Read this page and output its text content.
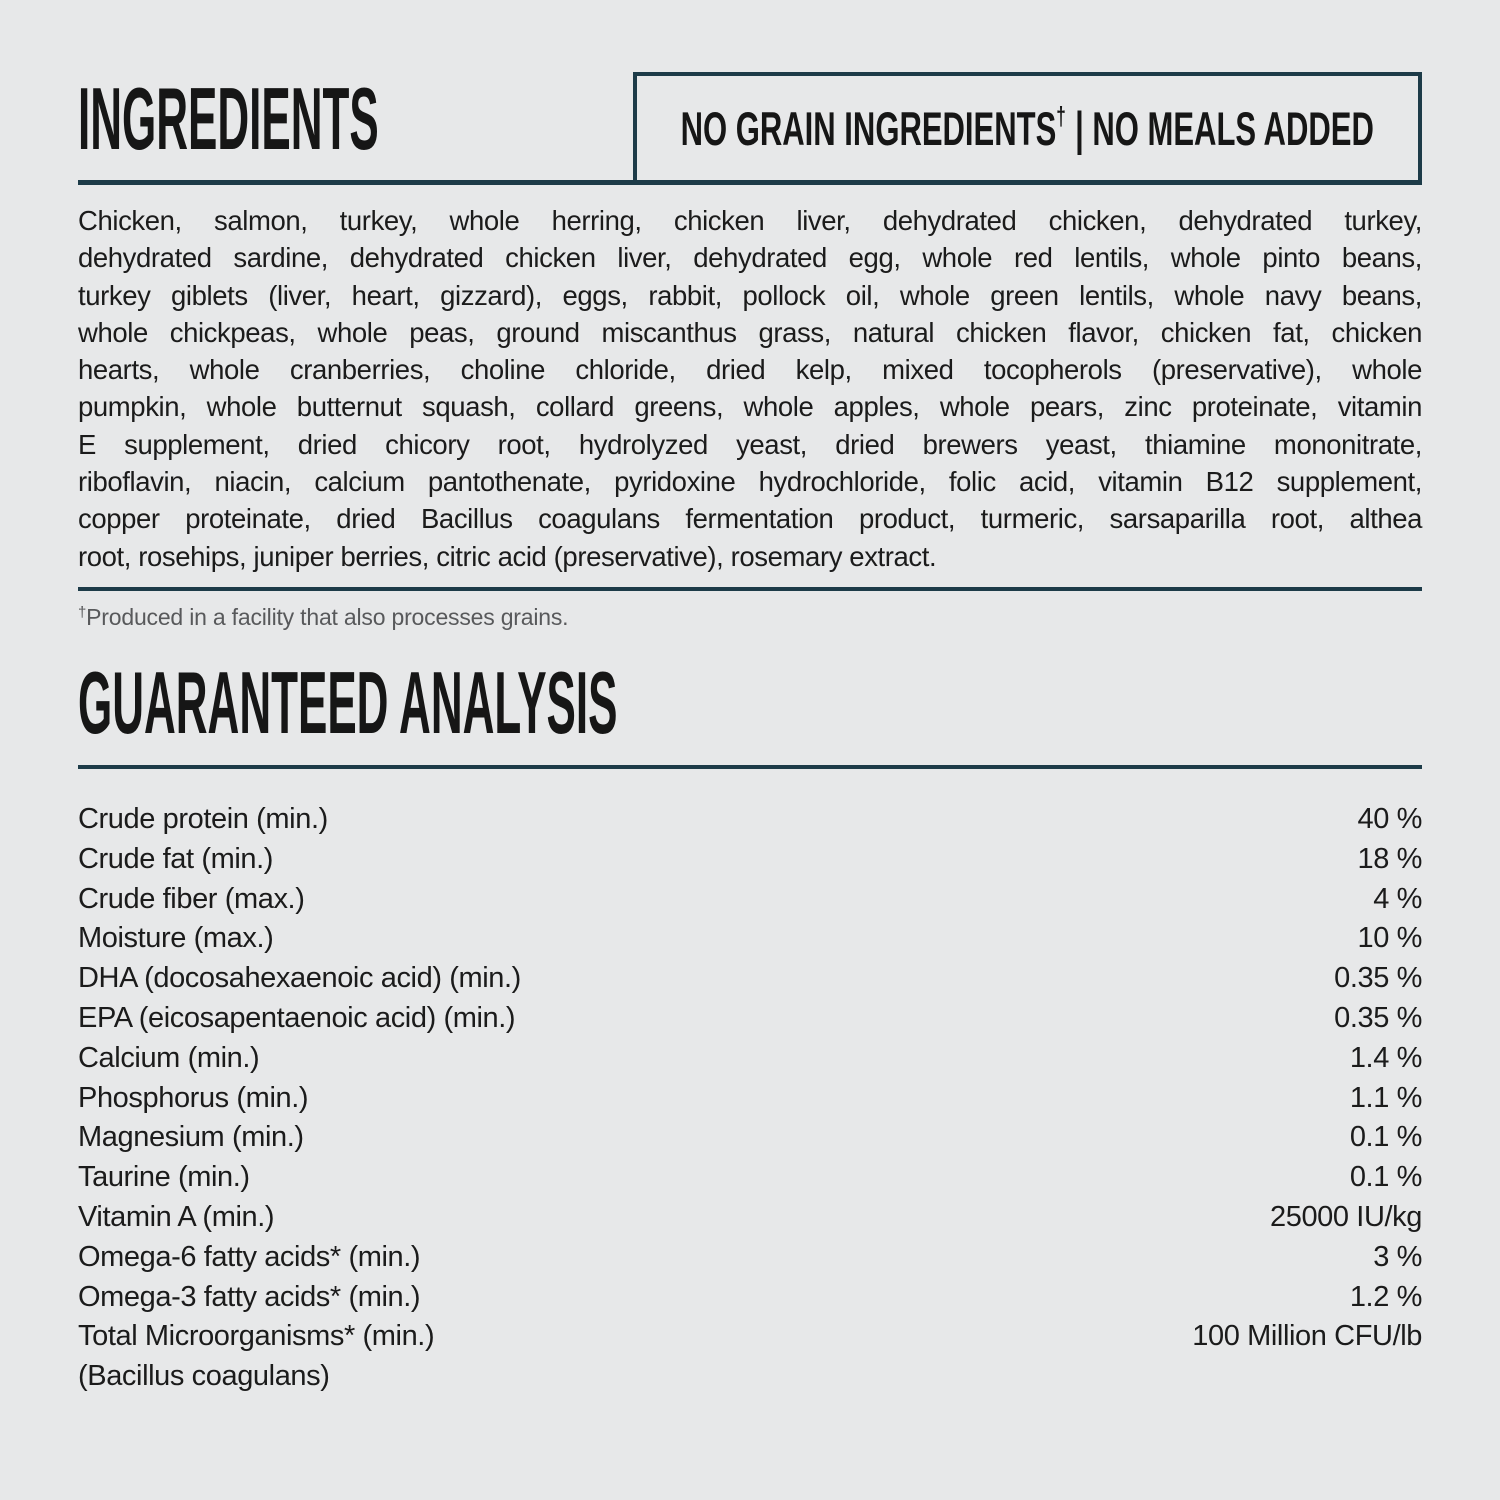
INGREDIENTS	NO GRAIN INGREDIENTS† | NO MEALS ADDED
Chicken, salmon, turkey, whole herring, chicken liver, dehydrated chicken, dehydrated turkey,
dehydrated sardine, dehydrated chicken liver, dehydrated egg, whole red lentils, whole pinto beans,
turkey giblets (liver, heart, gizzard), eggs, rabbit, pollock oil, whole green lentils, whole navy beans,
whole chickpeas, whole peas, ground miscanthus grass, natural chicken flavor, chicken fat, chicken
hearts, whole cranberries, choline chloride, dried kelp, mixed tocopherols (preservative), whole
pumpkin, whole butternut squash, collard greens, whole apples, whole pears, zinc proteinate, vitamin
E supplement, dried chicory root, hydrolyzed yeast, dried brewers yeast, thiamine mononitrate,
riboflavin, niacin, calcium pantothenate, pyridoxine hydrochloride, folic acid, vitamin B12 supplement,
copper proteinate, dried Bacillus coagulans fermentation product, turmeric, sarsaparilla root, althea
root, rosehips, juniper berries, citric acid (preservative), rosemary extract.
†Produced in a facility that also processes grains.
GUARANTEED ANALYSIS
Crude protein (min.)	40 %
Crude fat (min.)	18 %
Crude fiber (max.)	4 %
Moisture (max.)	10 %
DHA (docosahexaenoic acid) (min.)	0.35 %
EPA (eicosapentaenoic acid) (min.)	0.35 %
Calcium (min.)	1.4 %
Phosphorus (min.)	1.1 %
Magnesium (min.)	0.1 %
Taurine (min.)	0.1 %
Vitamin A (min.)	25000 IU/kg
Omega-6 fatty acids* (min.)	3 %
Omega-3 fatty acids* (min.)	1.2 %
Total Microorganisms* (min.)	100 Million CFU/lb
(Bacillus coagulans)
